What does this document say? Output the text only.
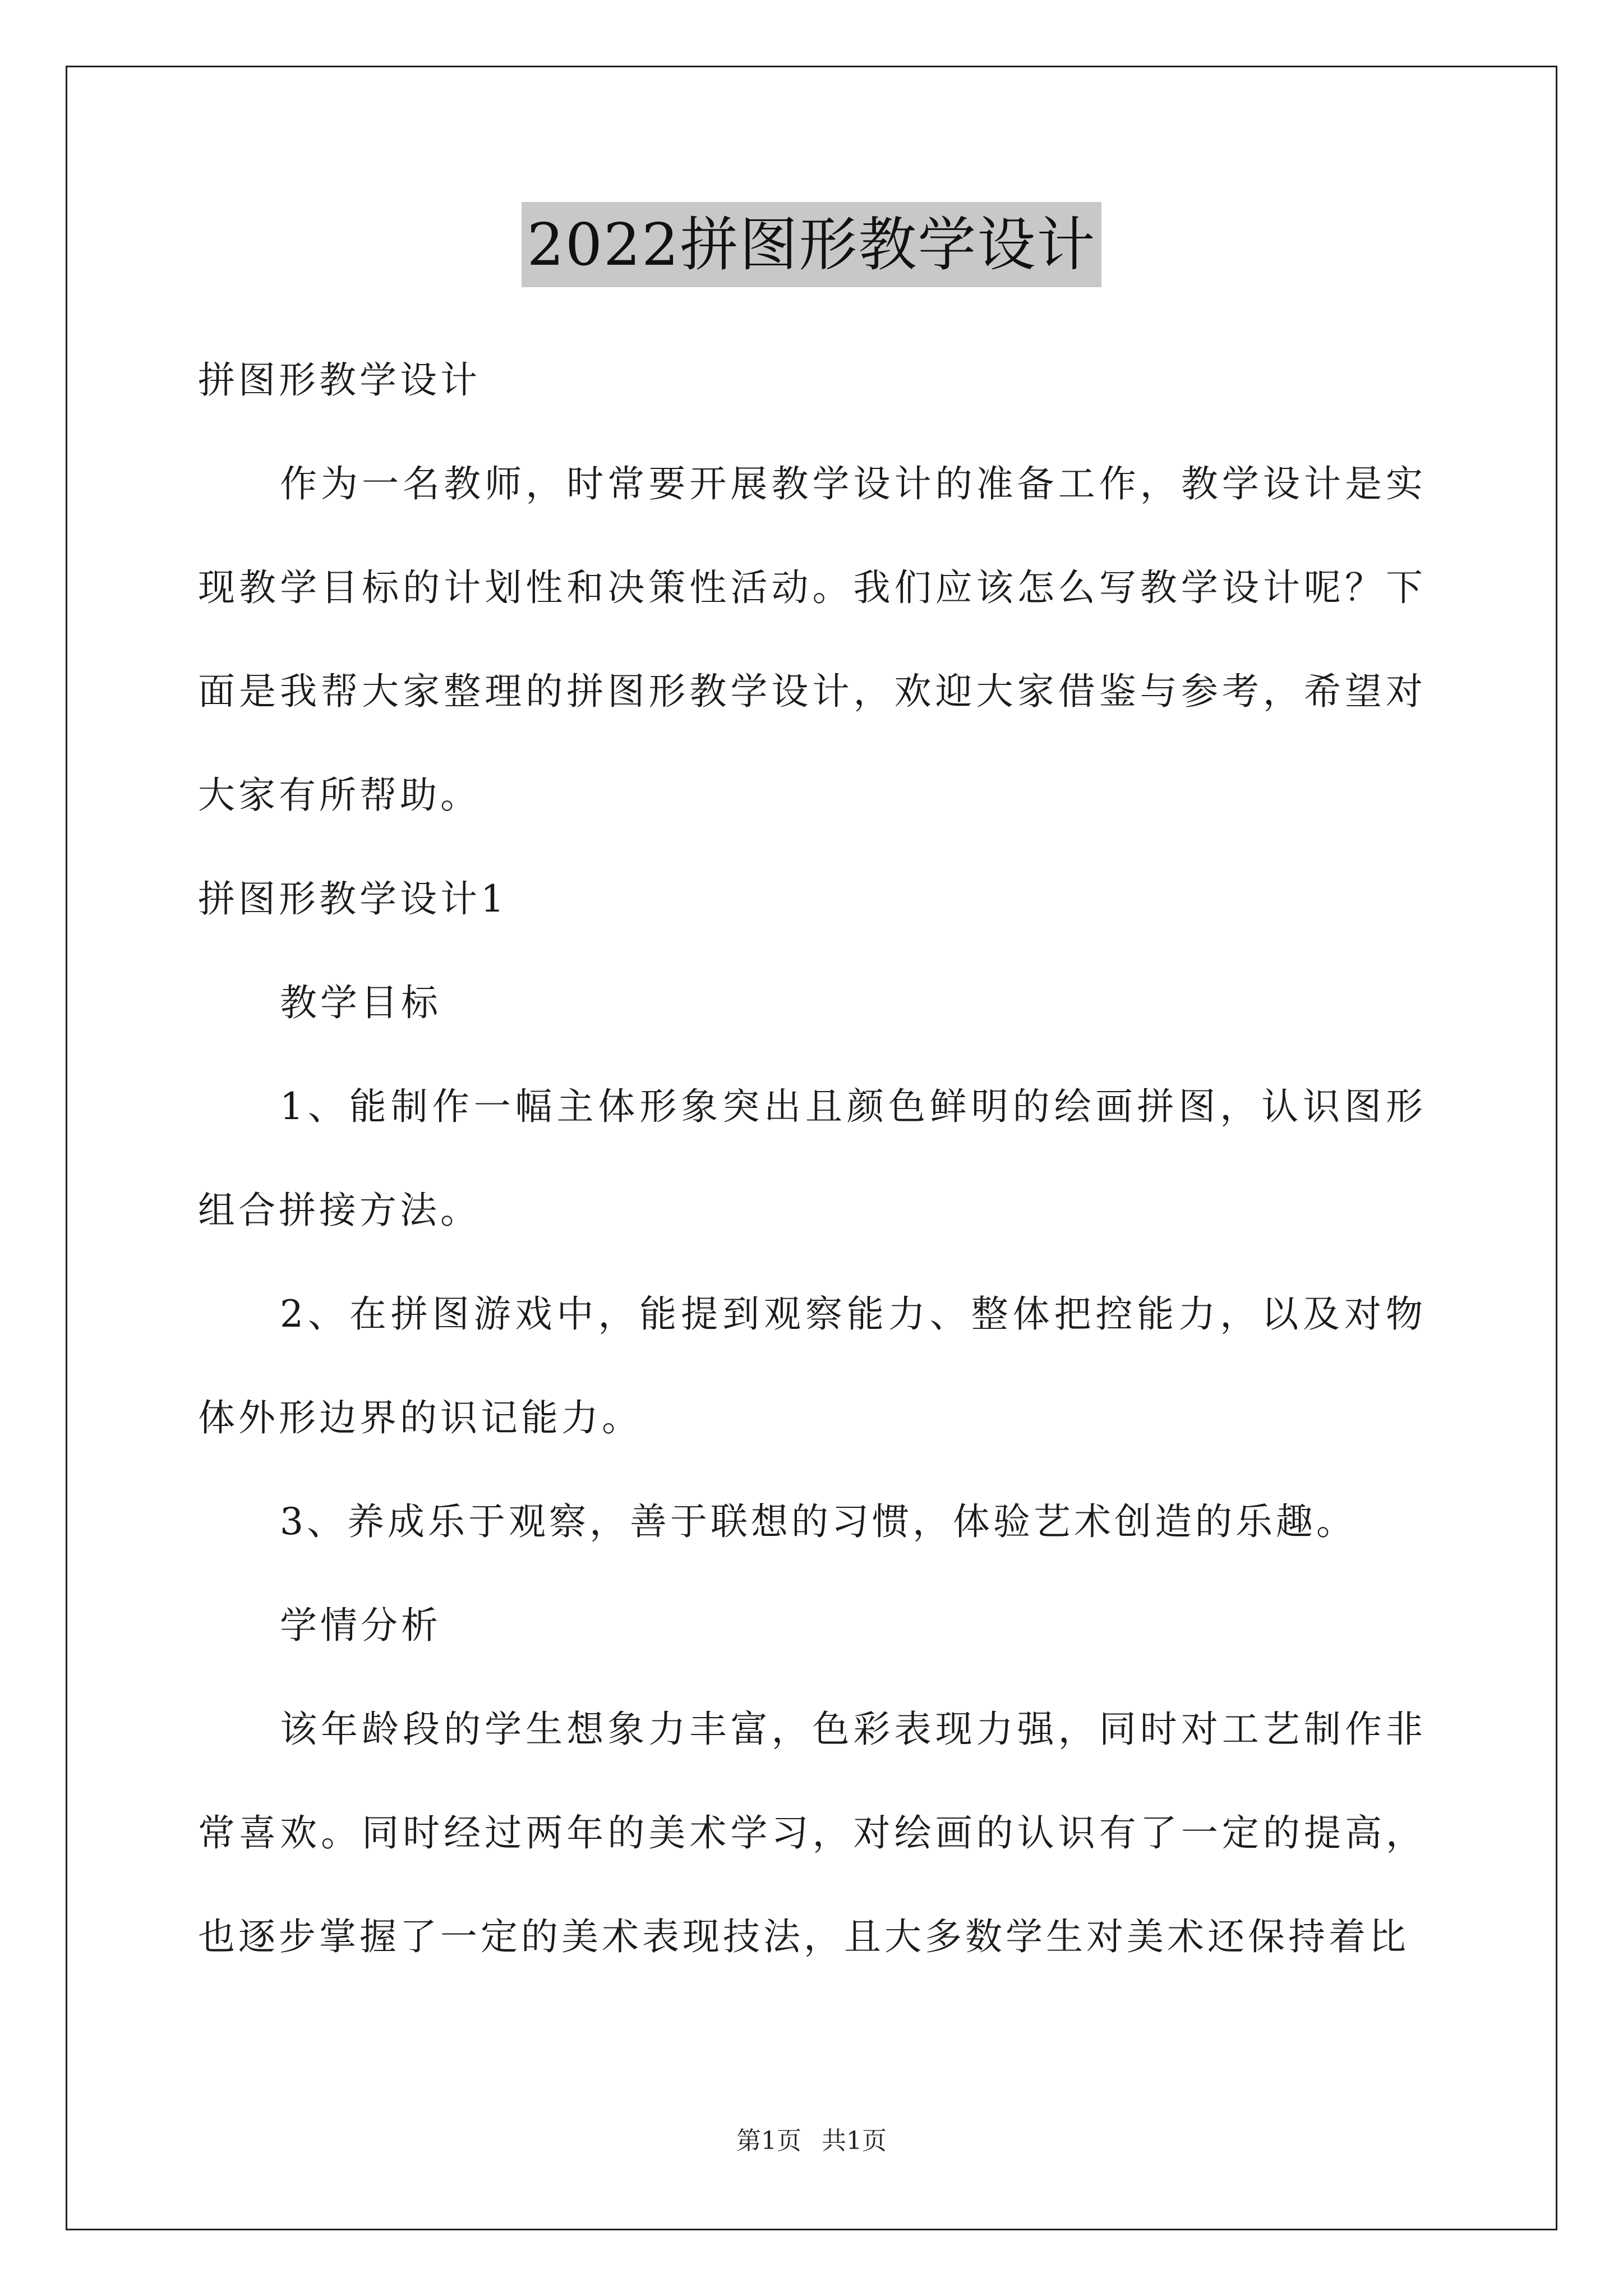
2022拼图形教学设计

拼图形教学设计

作为一名教师，时常要开展教学设计的准备工作，教学设计是实现教学目标的计划性和决策性活动。我们应该怎么写教学设计呢？下面是我帮大家整理的拼图形教学设计，欢迎大家借鉴与参考，希望对大家有所帮助。

拼图形教学设计1

教学目标

1、能制作一幅主体形象突出且颜色鲜明的绘画拼图，认识图形组合拼接方法。

2、在拼图游戏中，能提到观察能力、整体把控能力，以及对物体外形边界的识记能力。

3、养成乐于观察，善于联想的习惯，体验艺术创造的乐趣。

学情分析

该年龄段的学生想象力丰富，色彩表现力强，同时对工艺制作非常喜欢。同时经过两年的美术学习，对绘画的认识有了一定的提高，也逐步掌握了一定的美术表现技法，且大多数学生对美术还保持着比

第1页 共1页
